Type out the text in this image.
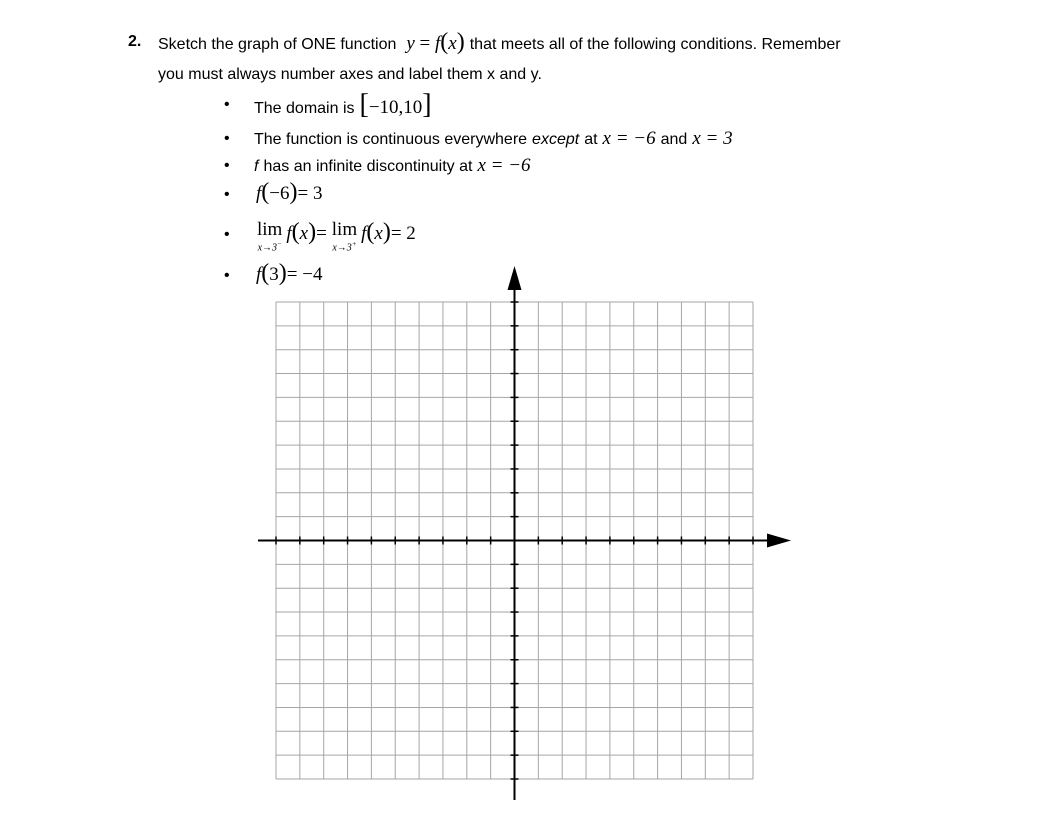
2. Sketch the graph of ONE function y = f(x) that meets all of the following conditions. Remember
you must always number axes and label them x and y.
• The domain is [−10,10]
• The function is continuous everywhere except at x = −6 and x = 3
• f has an infinite discontinuity at x = −6
• f(−6)= 3
• lim
x→3− f(x)= lim
x→3+ f(x)= 2
• f(3)= −4
